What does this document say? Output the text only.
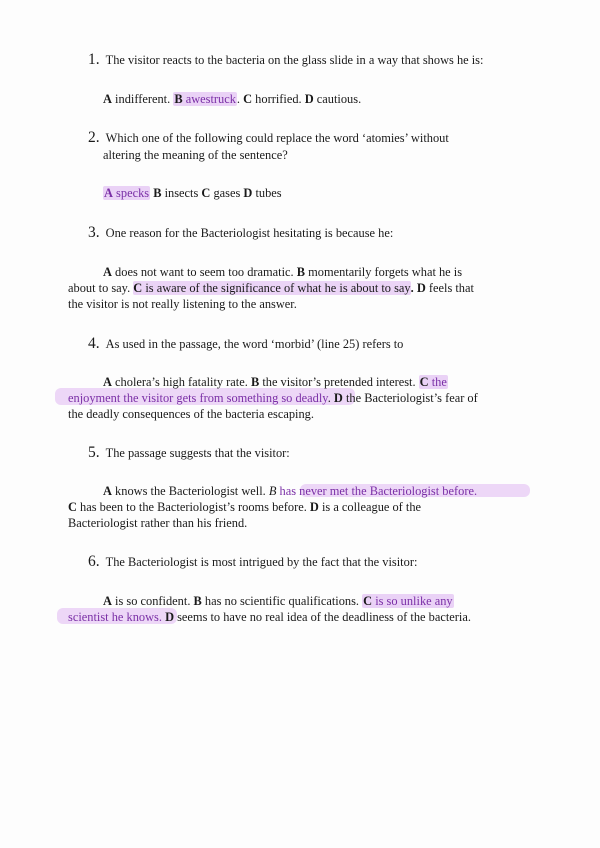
1. The visitor reacts to the bacteria on the glass slide in a way that shows he is:
A indifferent. B awestruck. C horrified. D cautious.
2. Which one of the following could replace the word ‘atomies’ without
altering the meaning of the sentence?
A specks B insects C gases D tubes
3. One reason for the Bacteriologist hesitating is because he:
A does not want to seem too dramatic. B momentarily forgets what he is
about to say. C is aware of the significance of what he is about to say. D feels that
the visitor is not really listening to the answer.
4. As used in the passage, the word ‘morbid’ (line 25) refers to
A cholera’s high fatality rate. B the visitor’s pretended interest. C the
enjoyment the visitor gets from something so deadly. D the Bacteriologist’s fear of
the deadly consequences of the bacteria escaping.
5. The passage suggests that the visitor:
A knows the Bacteriologist well. B has never met the Bacteriologist before.
C has been to the Bacteriologist’s rooms before. D is a colleague of the
Bacteriologist rather than his friend.
6. The Bacteriologist is most intrigued by the fact that the visitor:
A is so confident. B has no scientific qualifications. C is so unlike any
scientist he knows. D seems to have no real idea of the deadliness of the bacteria.
